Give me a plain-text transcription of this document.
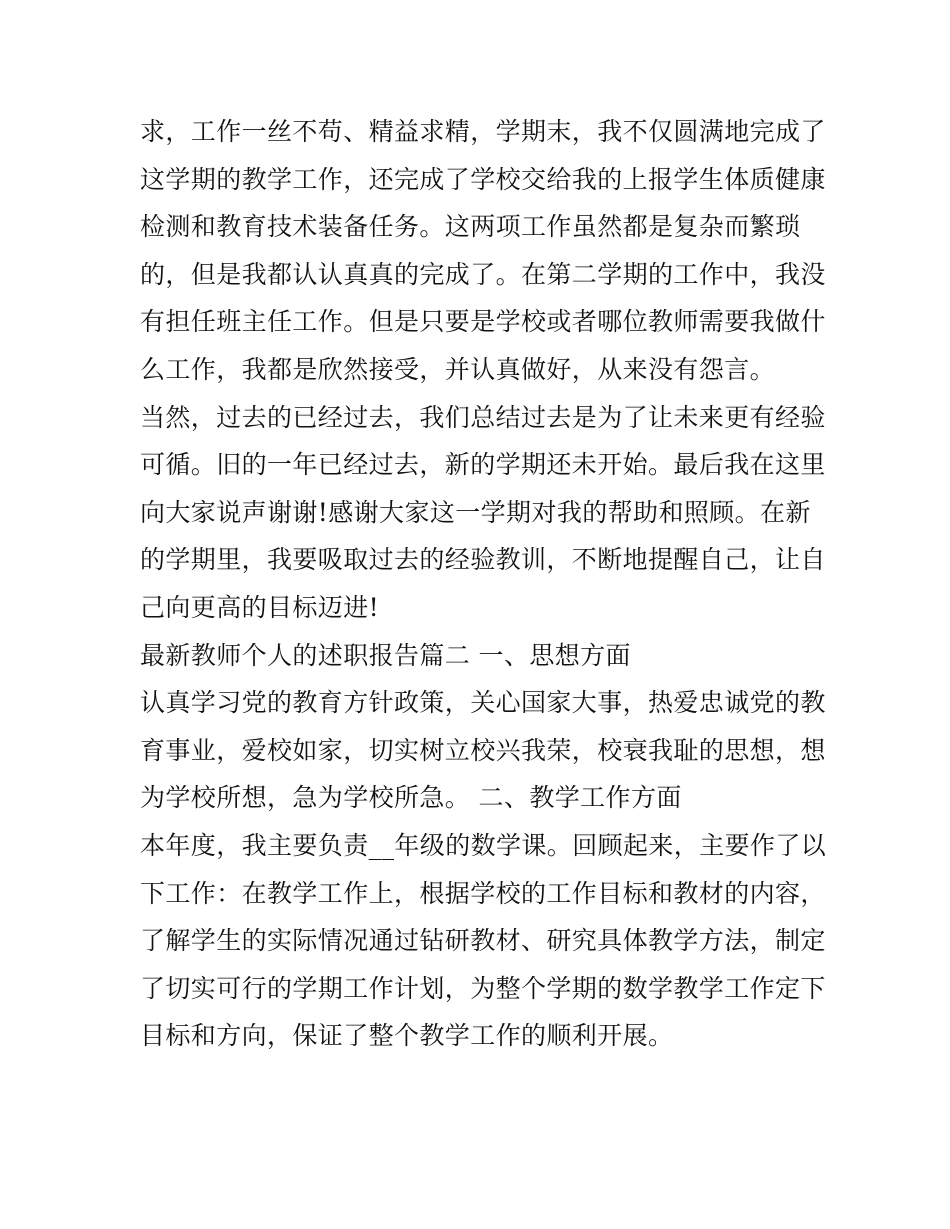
求，工作一丝不苟、精益求精，学期末，我不仅圆满地完成了
这学期的教学工作，还完成了学校交给我的上报学生体质健康
检测和教育技术装备任务。这两项工作虽然都是复杂而繁琐
的，但是我都认认真真的完成了。在第二学期的工作中，我没
有担任班主任工作。但是只要是学校或者哪位教师需要我做什
么工作，我都是欣然接受，并认真做好，从来没有怨言。
当然，过去的已经过去，我们总结过去是为了让未来更有经验
可循。旧的一年已经过去，新的学期还未开始。最后我在这里
向大家说声谢谢!感谢大家这一学期对我的帮助和照顾。在新
的学期里，我要吸取过去的经验教训，不断地提醒自己，让自
己向更高的目标迈进!
最新教师个人的述职报告篇二 一、思想方面
认真学习党的教育方针政策，关心国家大事，热爱忠诚党的教
育事业，爱校如家，切实树立校兴我荣，校衰我耻的思想，想
为学校所想，急为学校所急。 二、教学工作方面
本年度，我主要负责__年级的数学课。回顾起来，主要作了以
下工作：在教学工作上，根据学校的工作目标和教材的内容，
了解学生的实际情况通过钻研教材、研究具体教学方法，制定
了切实可行的学期工作计划，为整个学期的数学教学工作定下
目标和方向，保证了整个教学工作的顺利开展。
